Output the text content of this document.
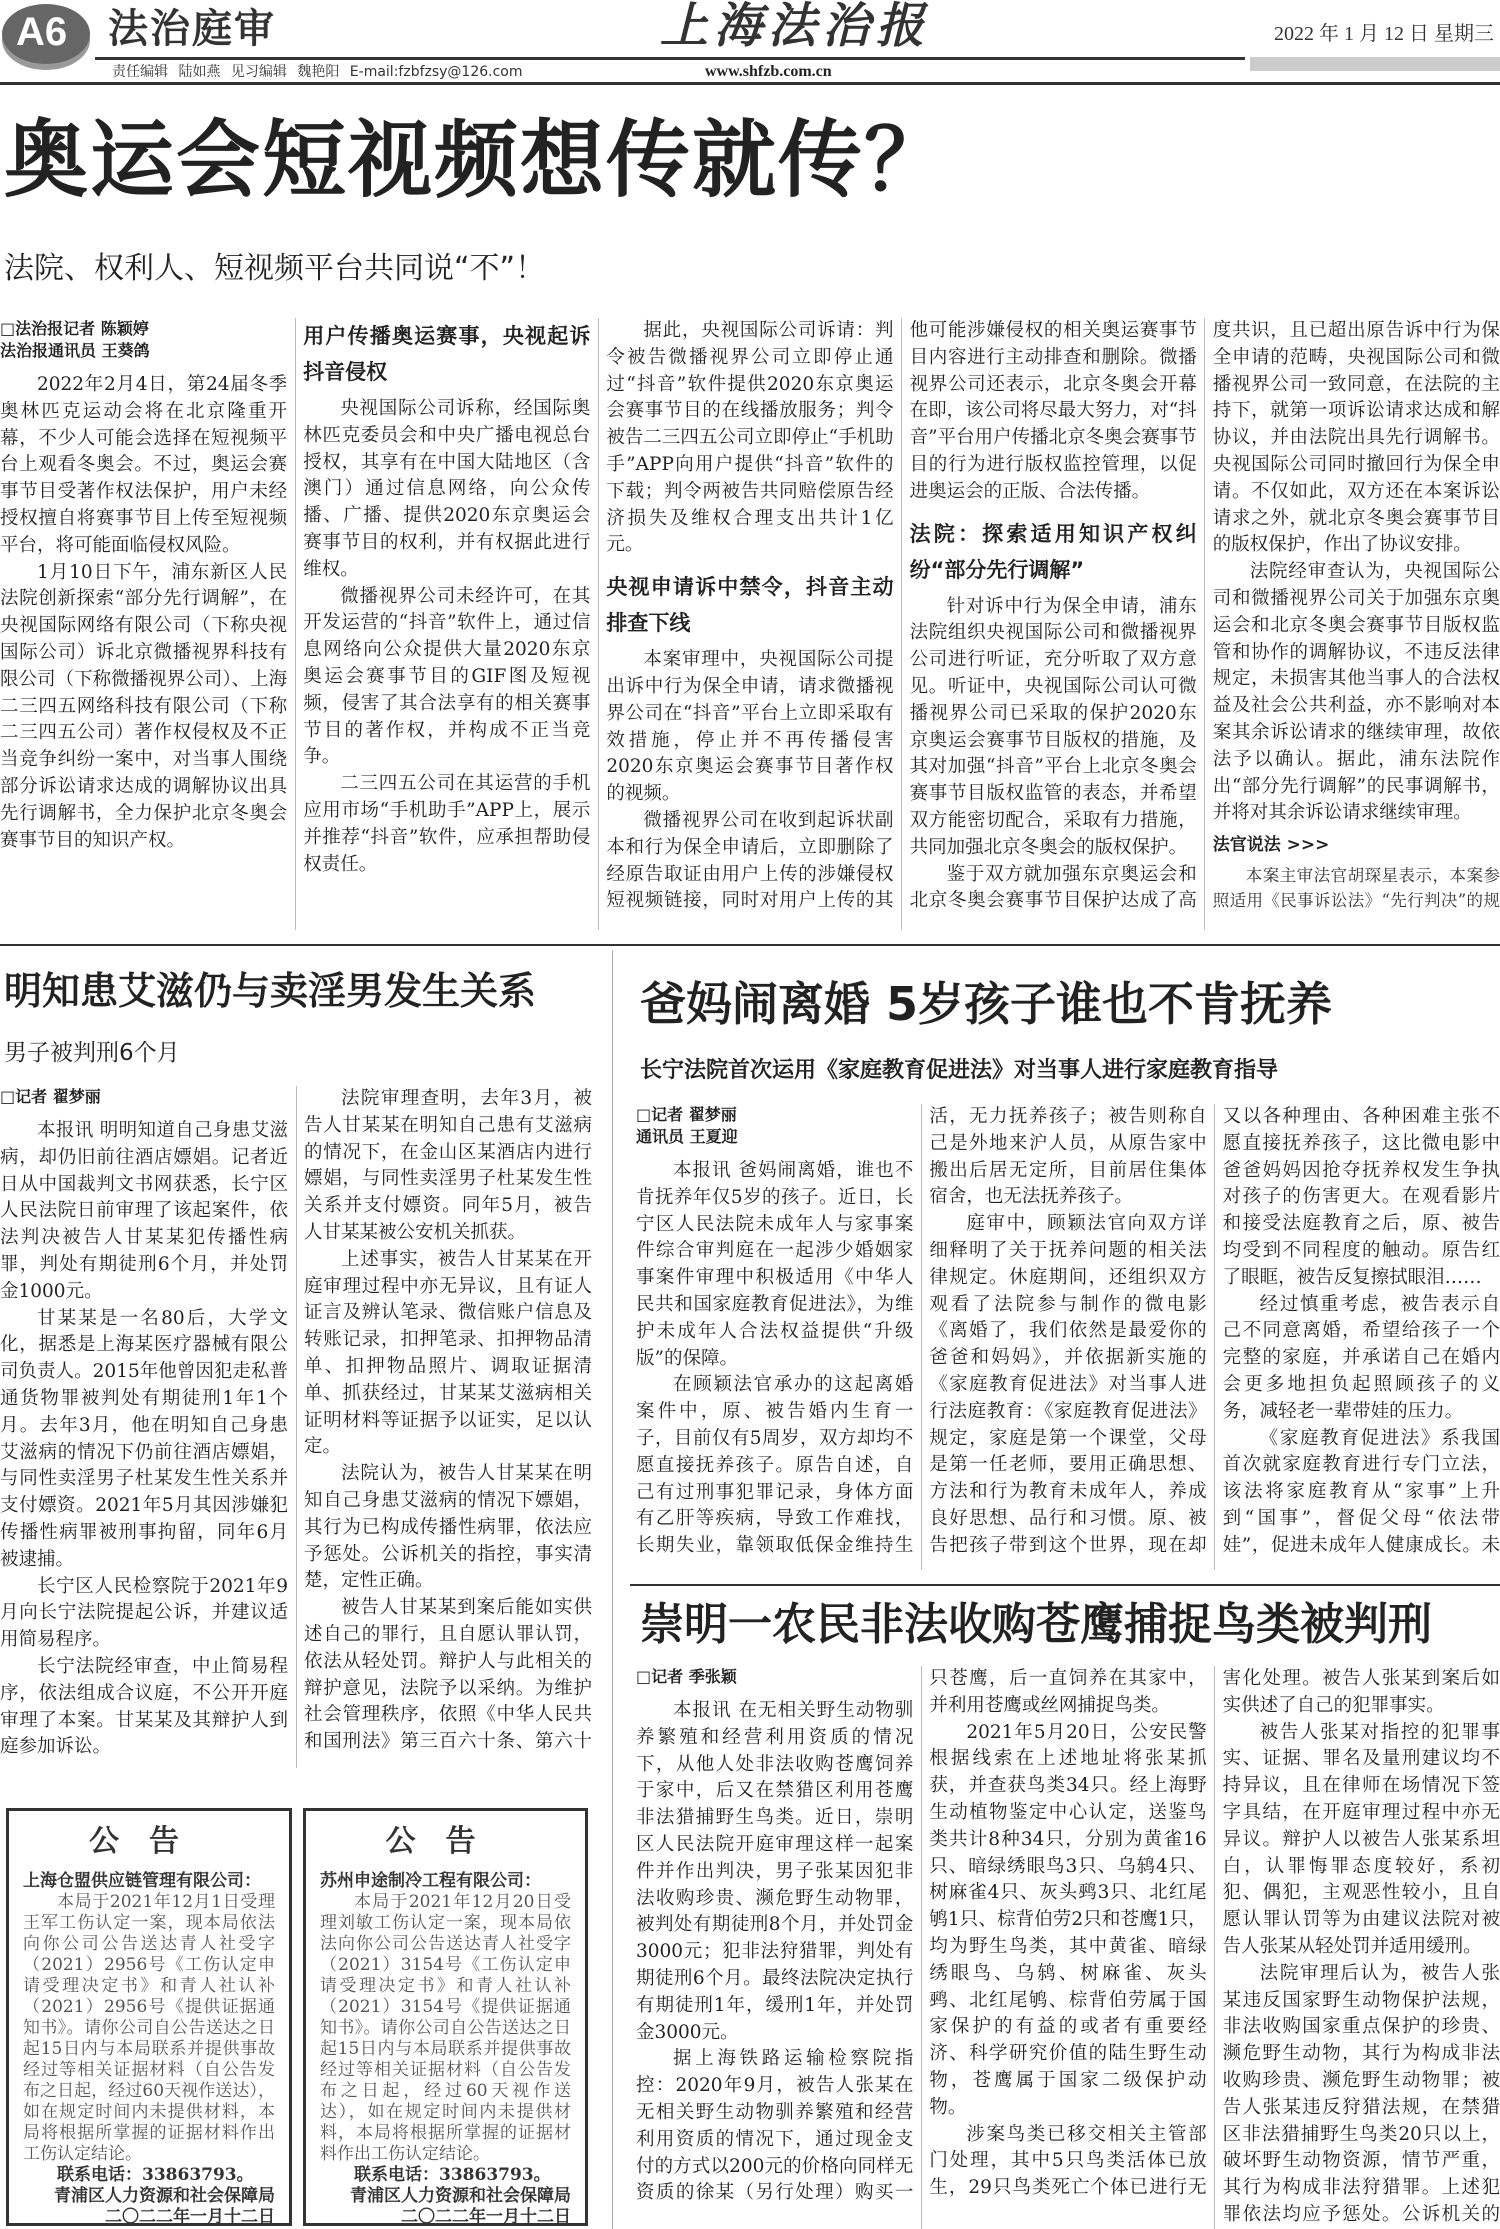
A6	法治庭审	上海法治报	2022 年 1 月 12 日 星期三
责任编辑 陆如燕 见习编辑 魏艳阳 E-mail:fzbfzsy@126.com	www.shfzb.com.cn
奥运会短视频想传就传？
法院、权利人、短视频平台共同说“不”！
□法治报记者 陈颖婷
法治报通讯员 王葵鸽

2022年2月4日，第24届冬季奥林匹克运动会将在北京隆重开幕，不少人可能会选择在短视频平台上观看冬奥会。不过，奥运会赛事节目受著作权法保护，用户未经授权擅自将赛事节目上传至短视频平台，将可能面临侵权风险。

1月10日下午，浦东新区人民法院创新探索“部分先行调解”，在央视国际网络有限公司（下称央视国际公司）诉北京微播视界科技有限公司（下称微播视界公司）、上海二三四五网络科技有限公司（下称二三四五公司）著作权侵权及不正当竞争纠纷一案中，对当事人围绕部分诉讼请求达成的调解协议出具先行调解书，全力保护北京冬奥会赛事节目的知识产权。

用户传播奥运赛事，央视起诉抖音侵权

央视国际公司诉称，经国际奥林匹克委员会和中央广播电视总台授权，其享有在中国大陆地区（含澳门）通过信息网络，向公众传播、广播、提供2020东京奥运会赛事节目的权利，并有权据此进行维权。

微播视界公司未经许可，在其开发运营的“抖音”软件上，通过信息网络向公众提供大量2020东京奥运会赛事节目的GIF图及短视频，侵害了其合法享有的相关赛事节目的著作权，并构成不正当竞争。

二三四五公司在其运营的手机应用市场“手机助手”APP上，展示并推荐“抖音”软件，应承担帮助侵权责任。

据此，央视国际公司诉请：判令被告微播视界公司立即停止通过“抖音”软件提供2020东京奥运会赛事节目的在线播放服务；判令被告二三四五公司立即停止“手机助手”APP向用户提供“抖音”软件的下载；判令两被告共同赔偿原告经济损失及维权合理支出共计1亿元。

央视申请诉中禁令，抖音主动排查下线

本案审理中，央视国际公司提出诉中行为保全申请，请求微播视界公司在“抖音”平台上立即采取有效措施，停止并不再传播侵害2020东京奥运会赛事节目著作权的视频。

微播视界公司在收到起诉状副本和行为保全申请后，立即删除了经原告取证由用户上传的涉嫌侵权短视频链接，同时对用户上传的其他可能涉嫌侵权的相关奥运赛事节目内容进行主动排查和删除。微播视界公司还表示，北京冬奥会开幕在即，该公司将尽最大努力，对“抖音”平台用户传播北京冬奥会赛事节目的行为进行版权监控管理，以促进奥运会的正版、合法传播。

法院：探索适用知识产权纠纷“部分先行调解”

针对诉中行为保全申请，浦东法院组织央视国际公司和微播视界公司进行听证，充分听取了双方意见。听证中，央视国际公司认可微播视界公司已采取的保护2020东京奥运会赛事节目版权的措施，及其对加强“抖音”平台上北京冬奥会赛事节目版权监管的表态，并希望双方能密切配合，采取有力措施，共同加强北京冬奥会的版权保护。

鉴于双方就加强东京奥运会和北京冬奥会赛事节目保护达成了高度共识，且已超出原告诉中行为保全申请的范畴，央视国际公司和微播视界公司一致同意，在法院的主持下，就第一项诉讼请求达成和解协议，并由法院出具先行调解书。央视国际公司同时撤回行为保全申请。不仅如此，双方还在本案诉讼请求之外，就北京冬奥会赛事节目的版权保护，作出了协议安排。

法院经审查认为，央视国际公司和微播视界公司关于加强东京奥运会和北京冬奥会赛事节目版权监管和协作的调解协议，不违反法律规定，未损害其他当事人的合法权益及社会公共利益，亦不影响对本案其余诉讼请求的继续审理，故依法予以确认。据此，浦东法院作出“部分先行调解”的民事调解书，并将对其余诉讼请求继续审理。

法官说法 >>>

本案主审法官胡琛星表示，本案参照适用《民事诉讼法》“先行判决”的规

明知患艾滋仍与卖淫男发生关系
男子被判刑6个月
□记者 翟梦丽

本报讯 明明知道自己身患艾滋病，却仍旧前往酒店嫖娼。记者近日从中国裁判文书网获悉，长宁区人民法院日前审理了该起案件，依法判决被告人甘某某犯传播性病罪，判处有期徒刑6个月，并处罚金1000元。

甘某某是一名80后，大学文化，据悉是上海某医疗器械有限公司负责人。2015年他曾因犯走私普通货物罪被判处有期徒刑1年1个月。去年3月，他在明知自己身患艾滋病的情况下仍前往酒店嫖娼，与同性卖淫男子杜某发生性关系并支付嫖资。2021年5月其因涉嫌犯传播性病罪被刑事拘留，同年6月被逮捕。

长宁区人民检察院于2021年9月向长宁法院提起公诉，并建议适用简易程序。

长宁法院经审查，中止简易程序，依法组成合议庭，不公开开庭审理了本案。甘某某及其辩护人到庭参加诉讼。

法院审理查明，去年3月，被告人甘某某在明知自己患有艾滋病的情况下，在金山区某酒店内进行嫖娼，与同性卖淫男子杜某发生性关系并支付嫖资。同年5月，被告人甘某某被公安机关抓获。

上述事实，被告人甘某某在开庭审理过程中亦无异议，且有证人证言及辨认笔录、微信账户信息及转账记录，扣押笔录、扣押物品清单、扣押物品照片、调取证据清单、抓获经过，甘某某艾滋病相关证明材料等证据予以证实，足以认定。

法院认为，被告人甘某某在明知自己身患艾滋病的情况下嫖娼，其行为已构成传播性病罪，依法应予惩处。公诉机关的指控，事实清楚，定性正确。

被告人甘某某到案后能如实供述自己的罪行，且自愿认罪认罚，依法从轻处罚。辩护人与此相关的辩护意见，法院予以采纳。为维护社会管理秩序，依照《中华人民共和国刑法》第三百六十条、第六十

爸妈闹离婚 5岁孩子谁也不肯抚养
长宁法院首次运用《家庭教育促进法》对当事人进行家庭教育指导
□记者 翟梦丽
通讯员 王夏迎

本报讯 爸妈闹离婚，谁也不肯抚养年仅5岁的孩子。近日，长宁区人民法院未成年人与家事案件综合审判庭在一起涉少婚姻家事案件审理中积极适用《中华人民共和国家庭教育促进法》，为维护未成年人合法权益提供“升级版”的保障。

在顾颖法官承办的这起离婚案件中，原、被告婚内生育一子，目前仅有5周岁，双方却均不愿直接抚养孩子。原告自述，自己有过刑事犯罪记录，身体方面有乙肝等疾病，导致工作难找，长期失业，靠领取低保金维持生活，无力抚养孩子；被告则称自己是外地来沪人员，从原告家中搬出后居无定所，目前居住集体宿舍，也无法抚养孩子。

庭审中，顾颖法官向双方详细释明了关于抚养问题的相关法律规定。休庭期间，还组织双方观看了法院参与制作的微电影《离婚了，我们依然是最爱你的爸爸和妈妈》，并依据新实施的《家庭教育促进法》对当事人进行法庭教育：《家庭教育促进法》规定，家庭是第一个课堂，父母是第一任老师，要用正确思想、方法和行为教育未成年人，养成良好思想、品行和习惯。原、被告把孩子带到这个世界，现在却又以各种理由、各种困难主张不愿直接抚养孩子，这比微电影中爸爸妈妈因抢夺抚养权发生争执对孩子的伤害更大。在观看影片和接受法庭教育之后，原、被告均受到不同程度的触动。原告红了眼眶，被告反复擦拭眼泪……

经过慎重考虑，被告表示自己不同意离婚，希望给孩子一个完整的家庭，并承诺自己在婚内会更多地担负起照顾孩子的义务，减轻老一辈带娃的压力。

《家庭教育促进法》系我国首次就家庭教育进行专门立法，该法将家庭教育从“家事”上升到“国事”，督促父母“依法带娃”，促进未成年人健康成长。未

崇明一农民非法收购苍鹰捕捉鸟类被判刑
□记者 季张颖

本报讯 在无相关野生动物驯养繁殖和经营利用资质的情况下，从他人处非法收购苍鹰饲养于家中，后又在禁猎区利用苍鹰非法猎捕野生鸟类。近日，崇明区人民法院开庭审理这样一起案件并作出判决，男子张某因犯非法收购珍贵、濒危野生动物罪，被判处有期徒刑8个月，并处罚金3000元；犯非法狩猎罪，判处有期徒刑6个月。最终法院决定执行有期徒刑1年，缓刑1年，并处罚金3000元。

据上海铁路运输检察院指控：2020年9月，被告人张某在无相关野生动物驯养繁殖和经营利用资质的情况下，通过现金支付的方式以200元的价格向同样无资质的徐某（另行处理）购买一只苍鹰，后一直饲养在其家中，并利用苍鹰或丝网捕捉鸟类。

2021年5月20日，公安民警根据线索在上述地址将张某抓获，并查获鸟类34只。经上海野生动植物鉴定中心认定，送鉴鸟类共计8种34只，分别为黄雀16只、暗绿绣眼鸟3只、乌鸫4只、树麻雀4只、灰头鹀3只、北红尾鸲1只、棕背伯劳2只和苍鹰1只，均为野生鸟类，其中黄雀、暗绿绣眼鸟、乌鸫、树麻雀、灰头鹀、北红尾鸲、棕背伯劳属于国家保护的有益的或者有重要经济、科学研究价值的陆生野生动物，苍鹰属于国家二级保护动物。

涉案鸟类已移交相关主管部门处理，其中5只鸟类活体已放生，29只鸟类死亡个体已进行无害化处理。被告人张某到案后如实供述了自己的犯罪事实。

被告人张某对指控的犯罪事实、证据、罪名及量刑建议均不持异议，且在律师在场情况下签字具结，在开庭审理过程中亦无异议。辩护人以被告人张某系坦白，认罪悔罪态度较好，系初犯、偶犯，主观恶性较小，且自愿认罪认罚等为由建议法院对被告人张某从轻处罚并适用缓刑。

法院审理后认为，被告人张某违反国家野生动物保护法规，非法收购国家重点保护的珍贵、濒危野生动物，其行为构成非法收购珍贵、濒危野生动物罪；被告人张某违反狩猎法规，在禁猎区非法猎捕野生鸟类20只以上，破坏野生动物资源，情节严重，其行为构成非法狩猎罪。上述犯罪依法均应予惩处。公诉机关的

公告
上海仓盟供应链管理有限公司：
本局于2021年12月1日受理王军工伤认定一案，现本局依法向你公司公告送达青人社受字（2021）2956号《工伤认定申请受理决定书》和青人社认补（2021）2956号《提供证据通知书》。请你公司自公告送达之日起15日内与本局联系并提供事故经过等相关证据材料（自公告发布之日起，经过60天视作送达），如在规定时间内未提供材料，本局将根据所掌握的证据材料作出工伤认定结论。
联系电话：33863793。
青浦区人力资源和社会保障局
二〇二二年一月十二日
公告
苏州申途制冷工程有限公司：
本局于2021年12月20日受理刘敏工伤认定一案，现本局依法向你公司公告送达青人社受字（2021）3154号《工伤认定申请受理决定书》和青人社认补（2021）3154号《提供证据通知书》。请你公司自公告送达之日起15日内与本局联系并提供事故经过等相关证据材料（自公告发布之日起，经过60天视作送达），如在规定时间内未提供材料，本局将根据所掌握的证据材料作出工伤认定结论。
联系电话：33863793。
青浦区人力资源和社会保障局
二〇二二年一月十二日
